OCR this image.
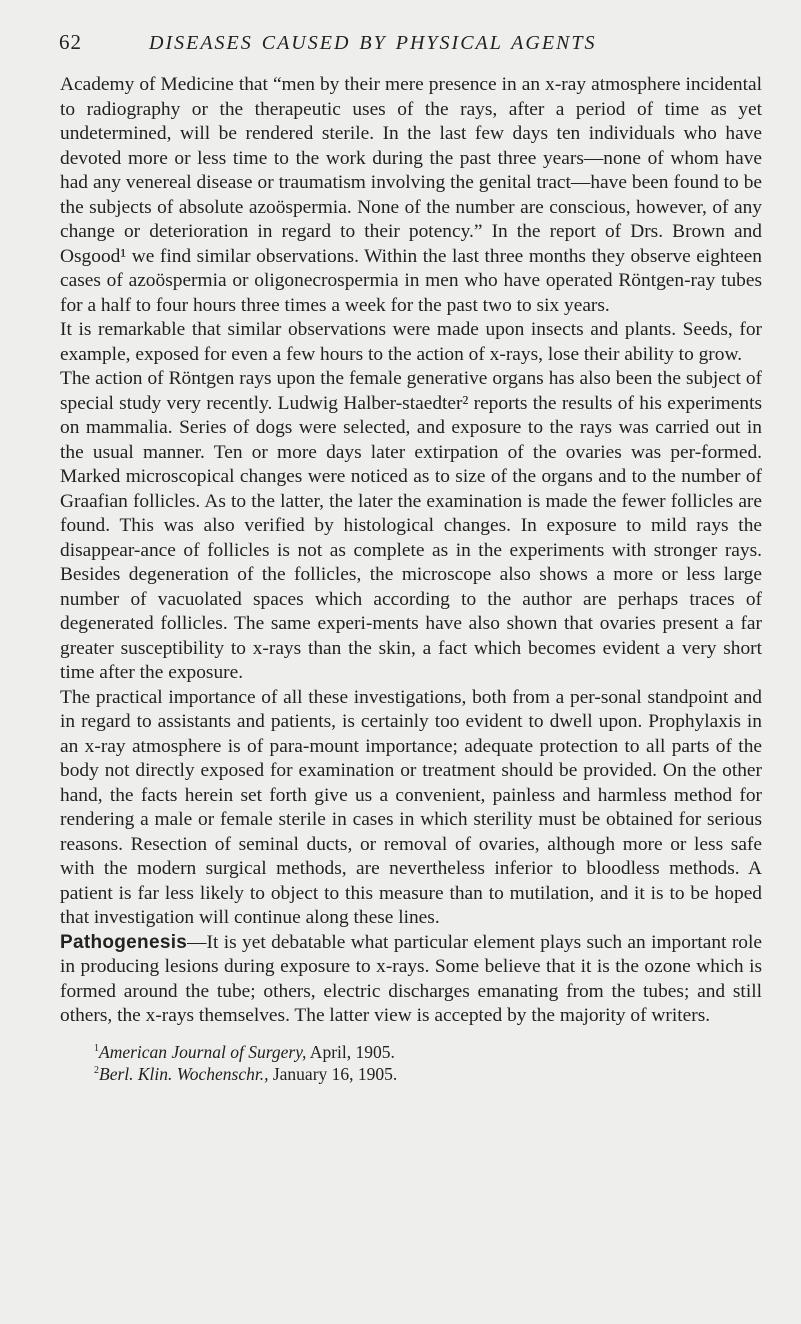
62	DISEASES CAUSED BY PHYSICAL AGENTS

Academy of Medicine that “men by their mere presence in an x-ray atmosphere incidental to radiography or the therapeutic uses of the rays, after a period of time as yet undetermined, will be rendered sterile. In the last few days ten individuals who have devoted more or less time to the work during the past three years—none of whom have had any venereal disease or traumatism involving the genital tract—have been found to be the subjects of absolute azoöspermia. None of the number are conscious, however, of any change or deterioration in regard to their potency.” In the report of Drs. Brown and Osgood¹ we find similar observations. Within the last three months they observe eighteen cases of azoöspermia or oligonecrospermia in men who have operated Röntgen-ray tubes for a half to four hours three times a week for the past two to six years.

It is remarkable that similar observations were made upon insects and plants. Seeds, for example, exposed for even a few hours to the action of x-rays, lose their ability to grow.

The action of Röntgen rays upon the female generative organs has also been the subject of special study very recently. Ludwig Halber-staedter² reports the results of his experiments on mammalia. Series of dogs were selected, and exposure to the rays was carried out in the usual manner. Ten or more days later extirpation of the ovaries was per-formed. Marked microscopical changes were noticed as to size of the organs and to the number of Graafian follicles. As to the latter, the later the examination is made the fewer follicles are found. This was also verified by histological changes. In exposure to mild rays the disappear-ance of follicles is not as complete as in the experiments with stronger rays. Besides degeneration of the follicles, the microscope also shows a more or less large number of vacuolated spaces which according to the author are perhaps traces of degenerated follicles. The same experi-ments have also shown that ovaries present a far greater susceptibility to x-rays than the skin, a fact which becomes evident a very short time after the exposure.

The practical importance of all these investigations, both from a per-sonal standpoint and in regard to assistants and patients, is certainly too evident to dwell upon. Prophylaxis in an x-ray atmosphere is of para-mount importance; adequate protection to all parts of the body not directly exposed for examination or treatment should be provided. On the other hand, the facts herein set forth give us a convenient, painless and harmless method for rendering a male or female sterile in cases in which sterility must be obtained for serious reasons. Resection of seminal ducts, or removal of ovaries, although more or less safe with the modern surgical methods, are nevertheless inferior to bloodless methods. A patient is far less likely to object to this measure than to mutilation, and it is to be hoped that investigation will continue along these lines.

Pathogenesis—It is yet debatable what particular element plays such an important role in producing lesions during exposure to x-rays. Some believe that it is the ozone which is formed around the tube; others, electric discharges emanating from the tubes; and still others, the x-rays themselves. The latter view is accepted by the majority of writers.

$^1$American Journal of Surgery, April, 1905.

$^2$Berl. Klin. Wochenschr., January 16, 1905.
